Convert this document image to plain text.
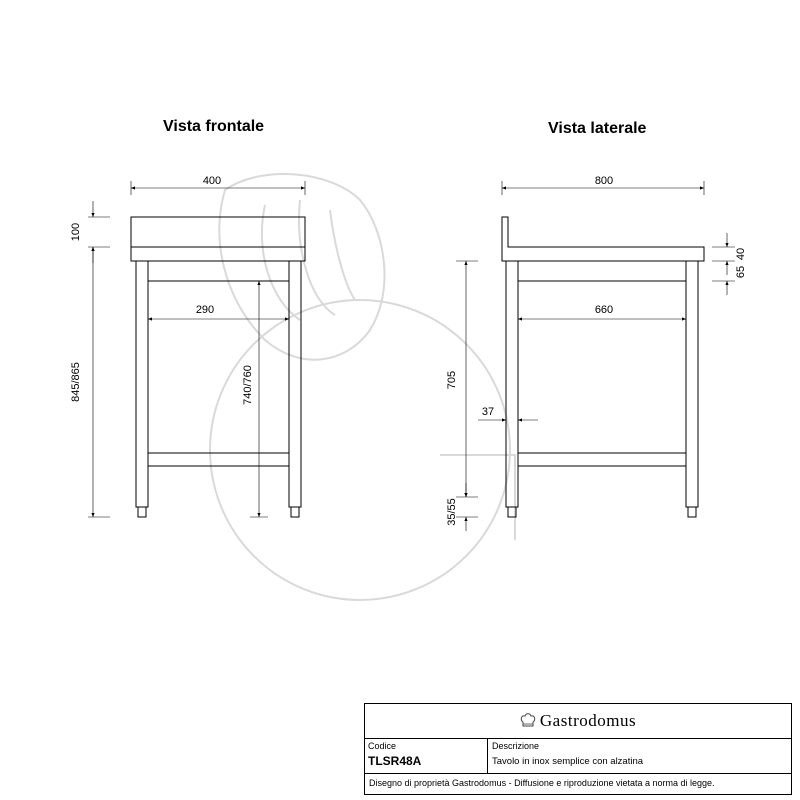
400
100
845/865
290
740/760
800
40
65
660
705
37
35/55
Vista frontale	Vista laterale
Gastrodomus
Codice
TLSR48A
Descrizione
Tavolo in inox semplice con alzatina
Disegno di proprietà Gastrodomus - Diffusione e riproduzione vietata a norma di legge.
